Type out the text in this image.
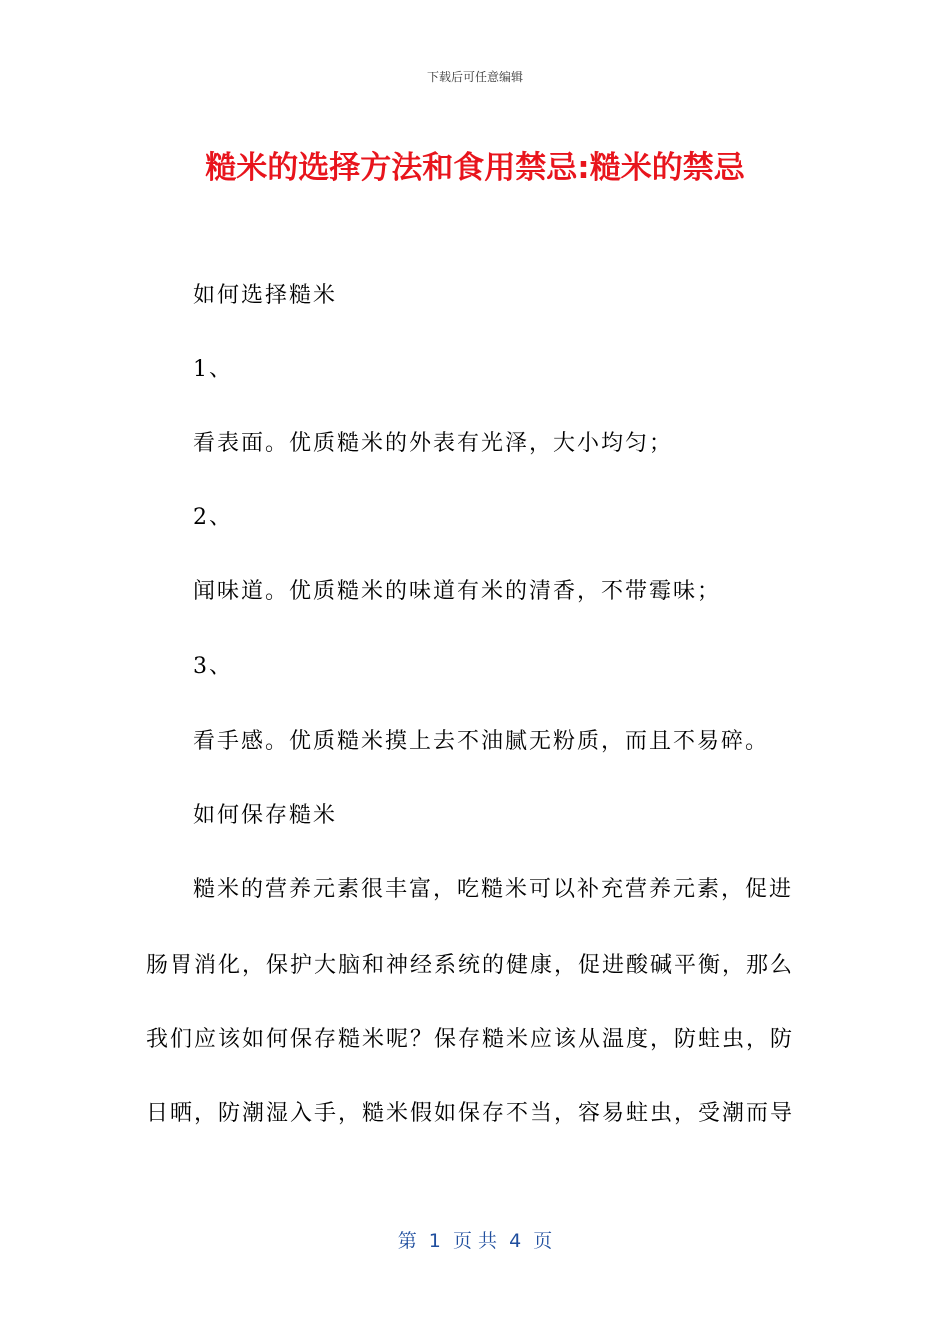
下载后可任意编辑
糙米的选择方法和食用禁忌:糙米的禁忌
如何选择糙米
1、
看表面。优质糙米的外表有光泽，大小均匀；
2、
闻味道。优质糙米的味道有米的清香，不带霉味；
3、
看手感。优质糙米摸上去不油腻无粉质，而且不易碎。
如何保存糙米
糙米的营养元素很丰富，吃糙米可以补充营养元素，促进
肠胃消化，保护大脑和神经系统的健康，促进酸碱平衡，那么
我们应该如何保存糙米呢？保存糙米应该从温度，防蛀虫，防
日晒，防潮湿入手，糙米假如保存不当，容易蛀虫，受潮而导
第  1  页 共  4  页
